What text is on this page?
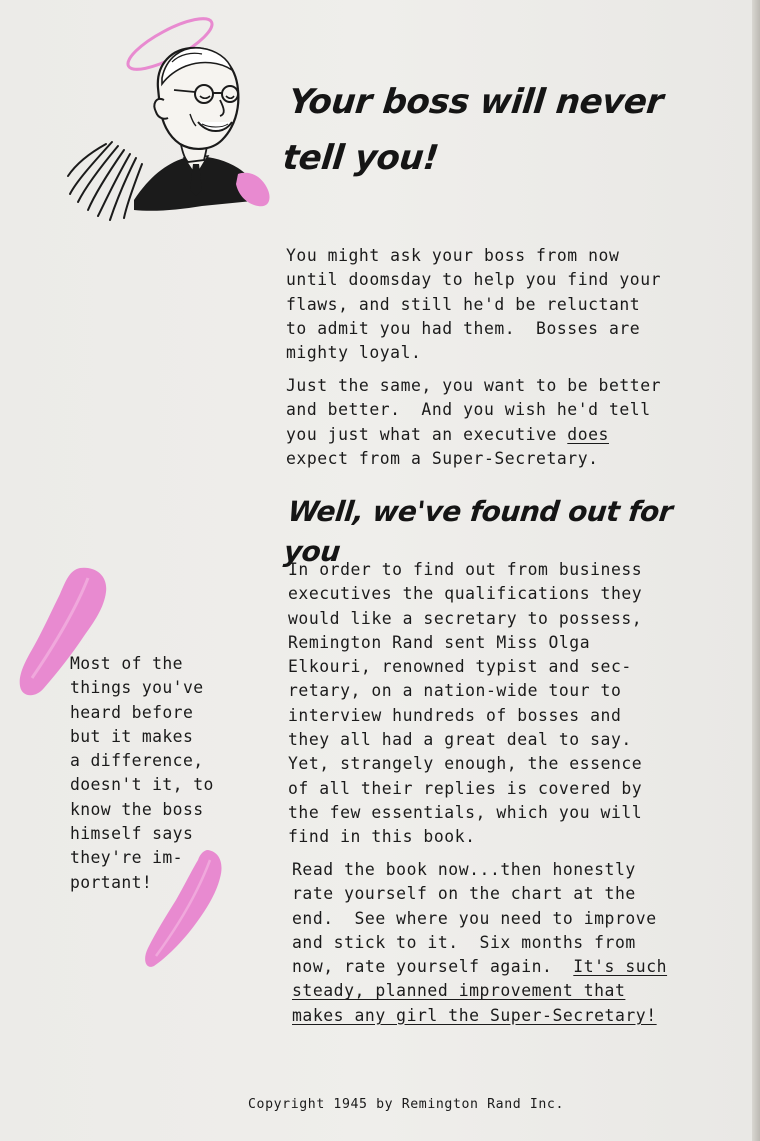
Your boss will never
tell you!

You might ask your boss from now
until doomsday to help you find your
flaws, and still he'd be reluctant
to admit you had them.  Bosses are
mighty loyal.

Just the same, you want to be better
and better.  And you wish he'd tell
you just what an executive does
expect from a Super-Secretary.

Well, we've found out for you

In order to find out from business
executives the qualifications they
would like a secretary to possess,
Remington Rand sent Miss Olga
Elkouri, renowned typist and sec-
retary, on a nation-wide tour to
interview hundreds of bosses and
they all had a great deal to say.
Yet, strangely enough, the essence
of all their replies is covered by
the few essentials, which you will
find in this book.

Read the book now...then honestly
rate yourself on the chart at the
end.  See where you need to improve
and stick to it.  Six months from
now, rate yourself again.  It's such
steady, planned improvement that
makes any girl the Super-Secretary!

Most of the
things you've
heard before
but it makes
a difference,
doesn't it, to
know the boss
himself says
they're im-
portant!

Copyright 1945 by Remington Rand Inc.
